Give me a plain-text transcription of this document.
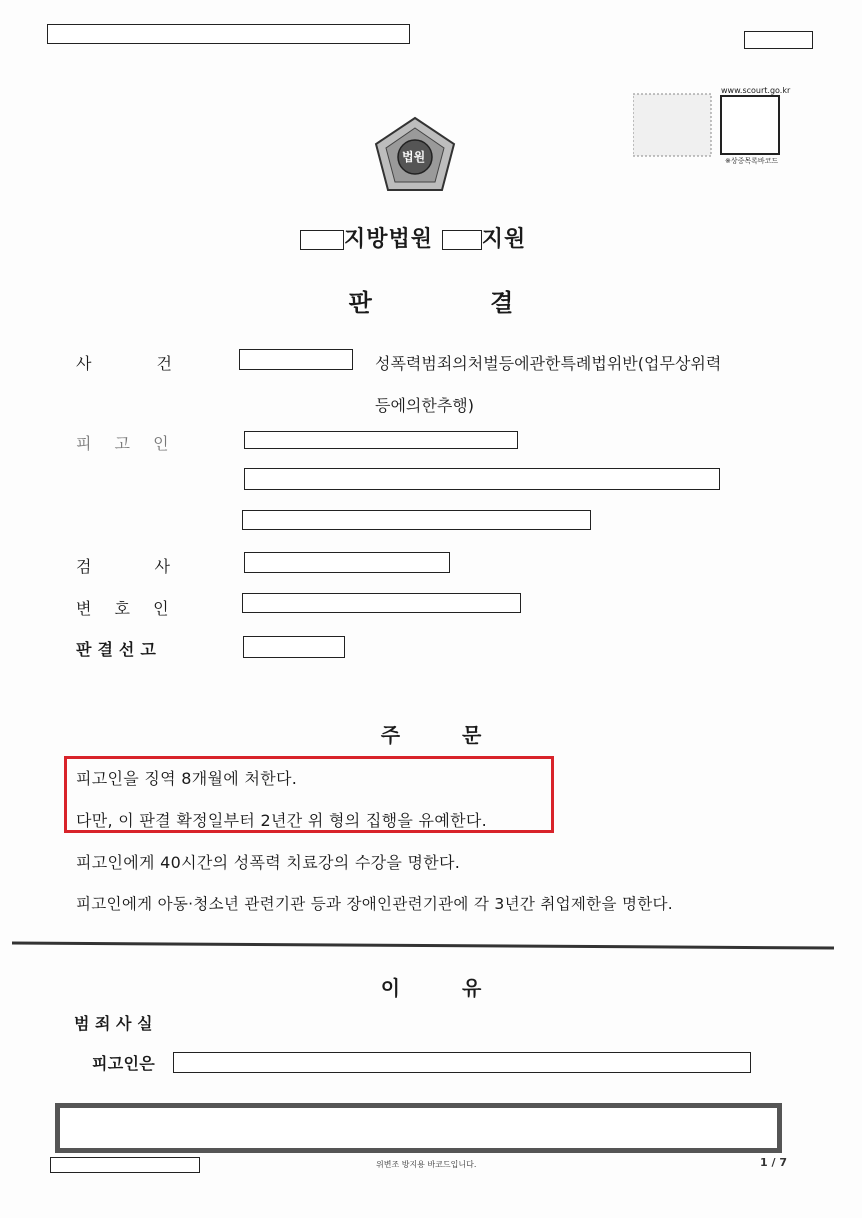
www.scourt.go.kr
※상중목록바코드
법원
지방법원 지원
판 결
사 건	성폭력범죄의처벌등에관한특례법위반(업무상위력
등에의한추행)
피 고 인
검 사
변 호 인
판결선고
주 문
피고인을 징역 8개월에 처한다.
다만, 이 판결 확정일부터 2년간 위 형의 집행을 유예한다.
피고인에게 40시간의 성폭력 치료강의 수강을 명한다.
피고인에게 아동·청소년 관련기관 등과 장애인관련기관에 각 3년간 취업제한을 명한다.
이 유
범 죄 사 실
피고인은
위변조 방지용 바코드입니다.	1 / 7
